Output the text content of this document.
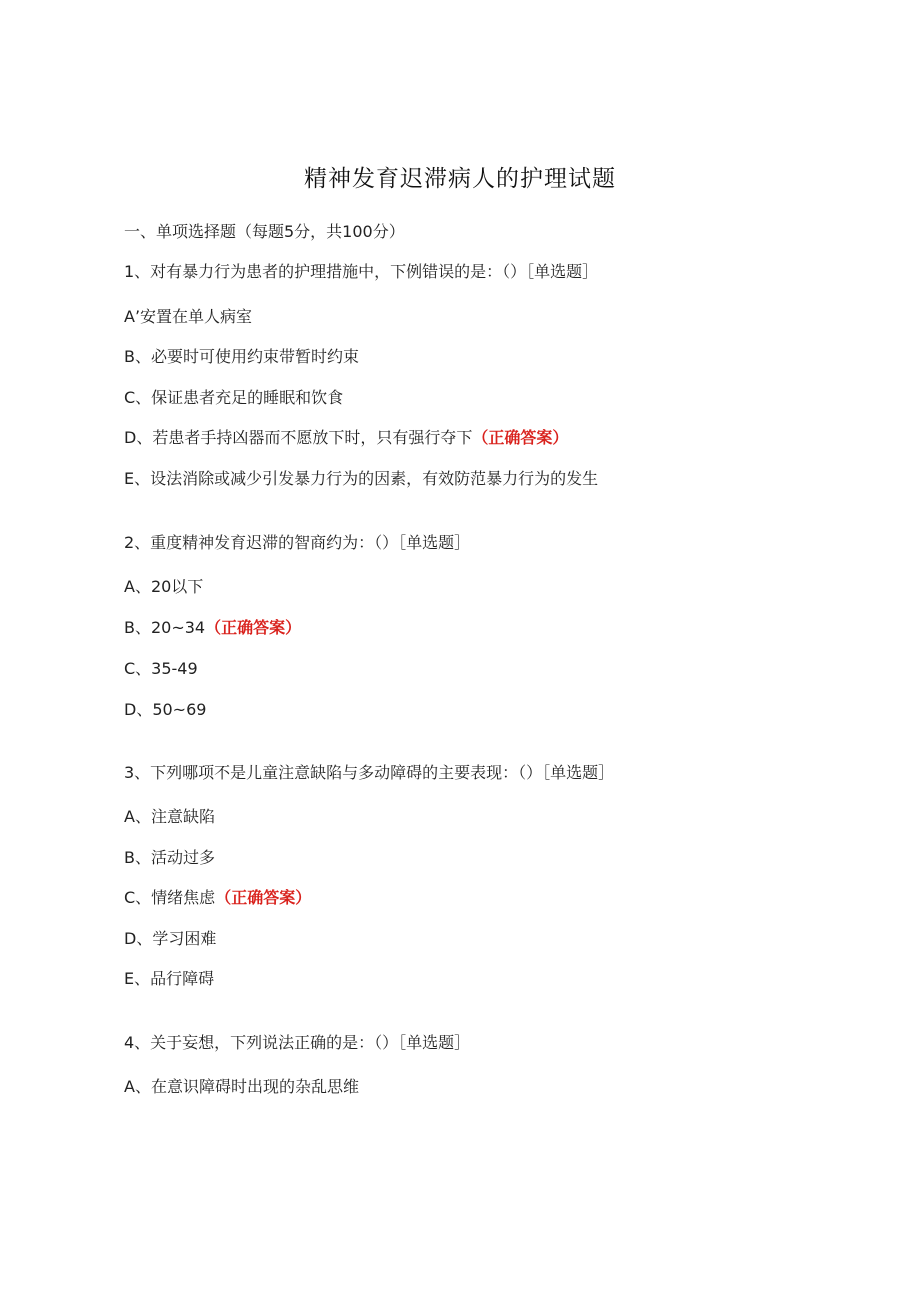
精神发育迟滞病人的护理试题
一、单项选择题（每题5分，共100分）
1、对有暴力行为患者的护理措施中，下例错误的是：（）［单选题］
A’安置在单人病室
B、必要时可使用约束带暂时约束
C、保证患者充足的睡眠和饮食
D、若患者手持凶器而不愿放下时，只有强行夺下（正确答案）
E、设法消除或减少引发暴力行为的因素，有效防范暴力行为的发生
2、重度精神发育迟滞的智商约为：（）［单选题］
A、20以下
B、20~34（正确答案）
C、35-49
D、50~69
3、下列哪项不是儿童注意缺陷与多动障碍的主要表现：（）［单选题］
A、注意缺陷
B、活动过多
C、情绪焦虑（正确答案）
D、学习困难
E、品行障碍
4、关于妄想，下列说法正确的是：（）［单选题］
A、在意识障碍时出现的杂乱思维
